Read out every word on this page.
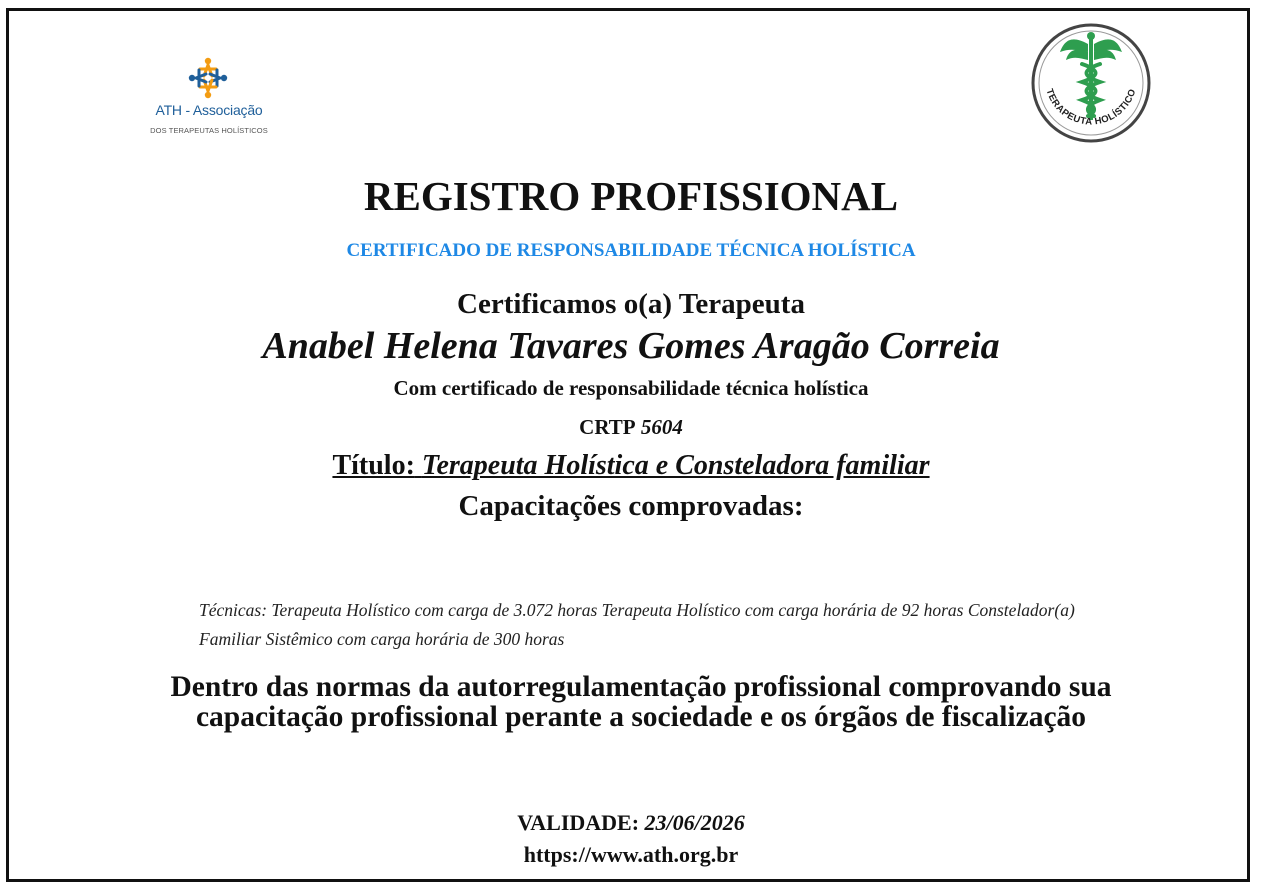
ATH - Associação
DOS TERAPEUTAS HOLÍSTICOS
TERAPEUTA HOLÍSTICO
REGISTRO PROFISSIONAL
CERTIFICADO DE RESPONSABILIDADE TÉCNICA HOLÍSTICA
Certificamos o(a) Terapeuta
Anabel Helena Tavares Gomes Aragão Correia
Com certificado de responsabilidade técnica holística
CRTP 5604
Título: Terapeuta Holística e Consteladora familiar
Capacitações comprovadas:
Técnicas: Terapeuta Holístico com carga de 3.072 horas Terapeuta Holístico com carga horária de 92 horas Constelador(a) Familiar Sistêmico com carga horária de 300 horas
Dentro das normas da autorregulamentação profissional comprovando sua capacitação profissional perante a sociedade e os órgãos de fiscalização
VALIDADE: 23/06/2026
https://www.ath.org.br
